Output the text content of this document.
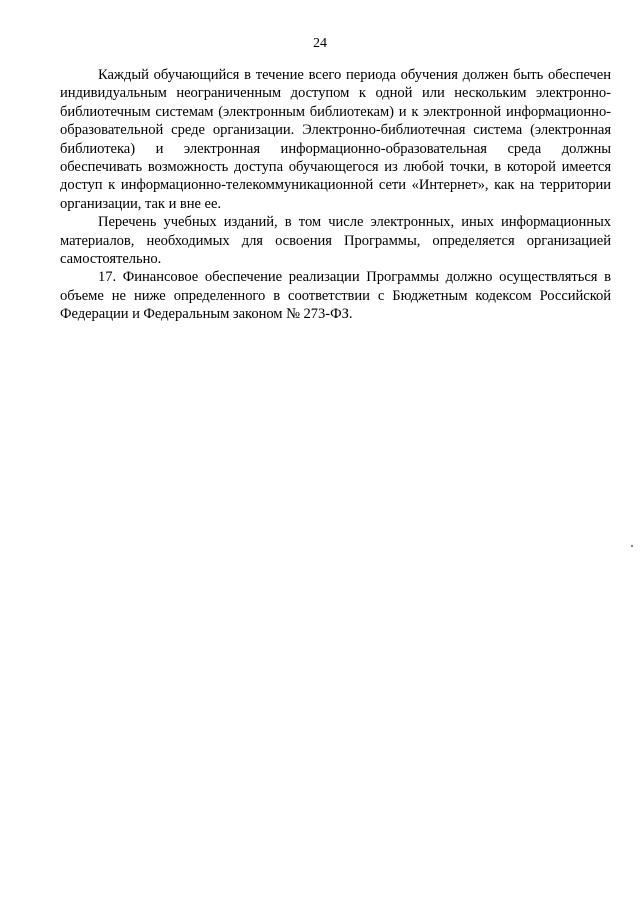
24

Каждый обучающийся в течение всего периода обучения должен быть обеспечен индивидуальным неограниченным доступом к одной или нескольким электронно-библиотечным системам (электронным библиотекам) и к электронной информационно-образовательной среде организации. Электронно-библиотечная система (электронная библиотека) и электронная информационно-образовательная среда должны обеспечивать возможность доступа обучающегося из любой точки, в которой имеется доступ к информационно-телекоммуникационной сети «Интернет», как на территории организации, так и вне ее.

Перечень учебных изданий, в том числе электронных, иных информационных материалов, необходимых для освоения Программы, определяется организацией самостоятельно.

17. Финансовое обеспечение реализации Программы должно осуществляться в объеме не ниже определенного в соответствии с Бюджетным кодексом Российской Федерации и Федеральным законом № 273-ФЗ.
